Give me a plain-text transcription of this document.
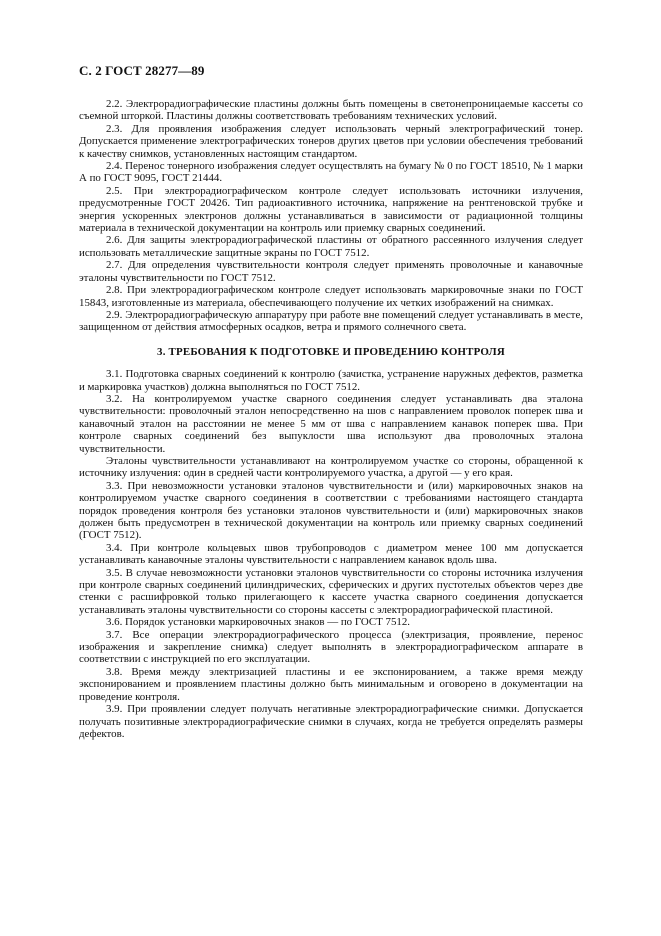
С. 2 ГОСТ 28277—89

2.2. Электрорадиографические пластины должны быть помещены в светонепроницаемые кассеты со съемной шторкой. Пластины должны соответствовать требованиям технических условий.

2.3. Для проявления изображения следует использовать черный электрографический тонер. Допускается применение электрографических тонеров других цветов при условии обеспечения требований к качеству снимков, установленных настоящим стандартом.

2.4. Перенос тонерного изображения следует осуществлять на бумагу № 0 по ГОСТ 18510, № 1 марки А по ГОСТ 9095, ГОСТ 21444.

2.5. При электрорадиографическом контроле следует использовать источники излучения, предусмотренные ГОСТ 20426. Тип радиоактивного источника, напряжение на рентгеновской трубке и энергия ускоренных электронов должны устанавливаться в зависимости от радиационной толщины материала в технической документации на контроль или приемку сварных соединений.

2.6. Для защиты электрорадиографической пластины от обратного рассеянного излучения следует использовать металлические защитные экраны по ГОСТ 7512.

2.7. Для определения чувствительности контроля следует применять проволочные и канавочные эталоны чувствительности по ГОСТ 7512.

2.8. При электрорадиографическом контроле следует использовать маркировочные знаки по ГОСТ 15843, изготовленные из материала, обеспечивающего получение их четких изображений на снимках.

2.9. Электрорадиографическую аппаратуру при работе вне помещений следует устанавливать в месте, защищенном от действия атмосферных осадков, ветра и прямого солнечного света.

3. ТРЕБОВАНИЯ К ПОДГОТОВКЕ И ПРОВЕДЕНИЮ КОНТРОЛЯ

3.1. Подготовка сварных соединений к контролю (зачистка, устранение наружных дефектов, разметка и маркировка участков) должна выполняться по ГОСТ 7512.

3.2. На контролируемом участке сварного соединения следует устанавливать два эталона чувствительности: проволочный эталон непосредственно на шов с направлением проволок поперек шва и канавочный эталон на расстоянии не менее 5 мм от шва с направлением канавок поперек шва. При контроле сварных соединений без выпуклости шва используют два проволочных эталона чувствительности.

Эталоны чувствительности устанавливают на контролируемом участке со стороны, обращенной к источнику излучения: один в средней части контролируемого участка, а другой — у его края.

3.3. При невозможности установки эталонов чувствительности и (или) маркировочных знаков на контролируемом участке сварного соединения в соответствии с требованиями настоящего стандарта порядок проведения контроля без установки эталонов чувствительности и (или) маркировочных знаков должен быть предусмотрен в технической документации на контроль или приемку сварных соединений (ГОСТ 7512).

3.4. При контроле кольцевых швов трубопроводов с диаметром менее 100 мм допускается устанавливать канавочные эталоны чувствительности с направлением канавок вдоль шва.

3.5. В случае невозможности установки эталонов чувствительности со стороны источника излучения при контроле сварных соединений цилиндрических, сферических и других пустотелых объектов через две стенки с расшифровкой только прилегающего к кассете участка сварного соединения допускается устанавливать эталоны чувствительности со стороны кассеты с электрорадиографической пластиной.

3.6. Порядок установки маркировочных знаков — по ГОСТ 7512.

3.7. Все операции электрорадиографического процесса (электризация, проявление, перенос изображения и закрепление снимка) следует выполнять в электрорадиографическом аппарате в соответствии с инструкцией по его эксплуатации.

3.8. Время между электризацией пластины и ее экспонированием, а также время между экспонированием и проявлением пластины должно быть минимальным и оговорено в документации на проведение контроля.

3.9. При проявлении следует получать негативные электрорадиографические снимки. Допускается получать позитивные электрорадиографические снимки в случаях, когда не требуется определять размеры дефектов.
